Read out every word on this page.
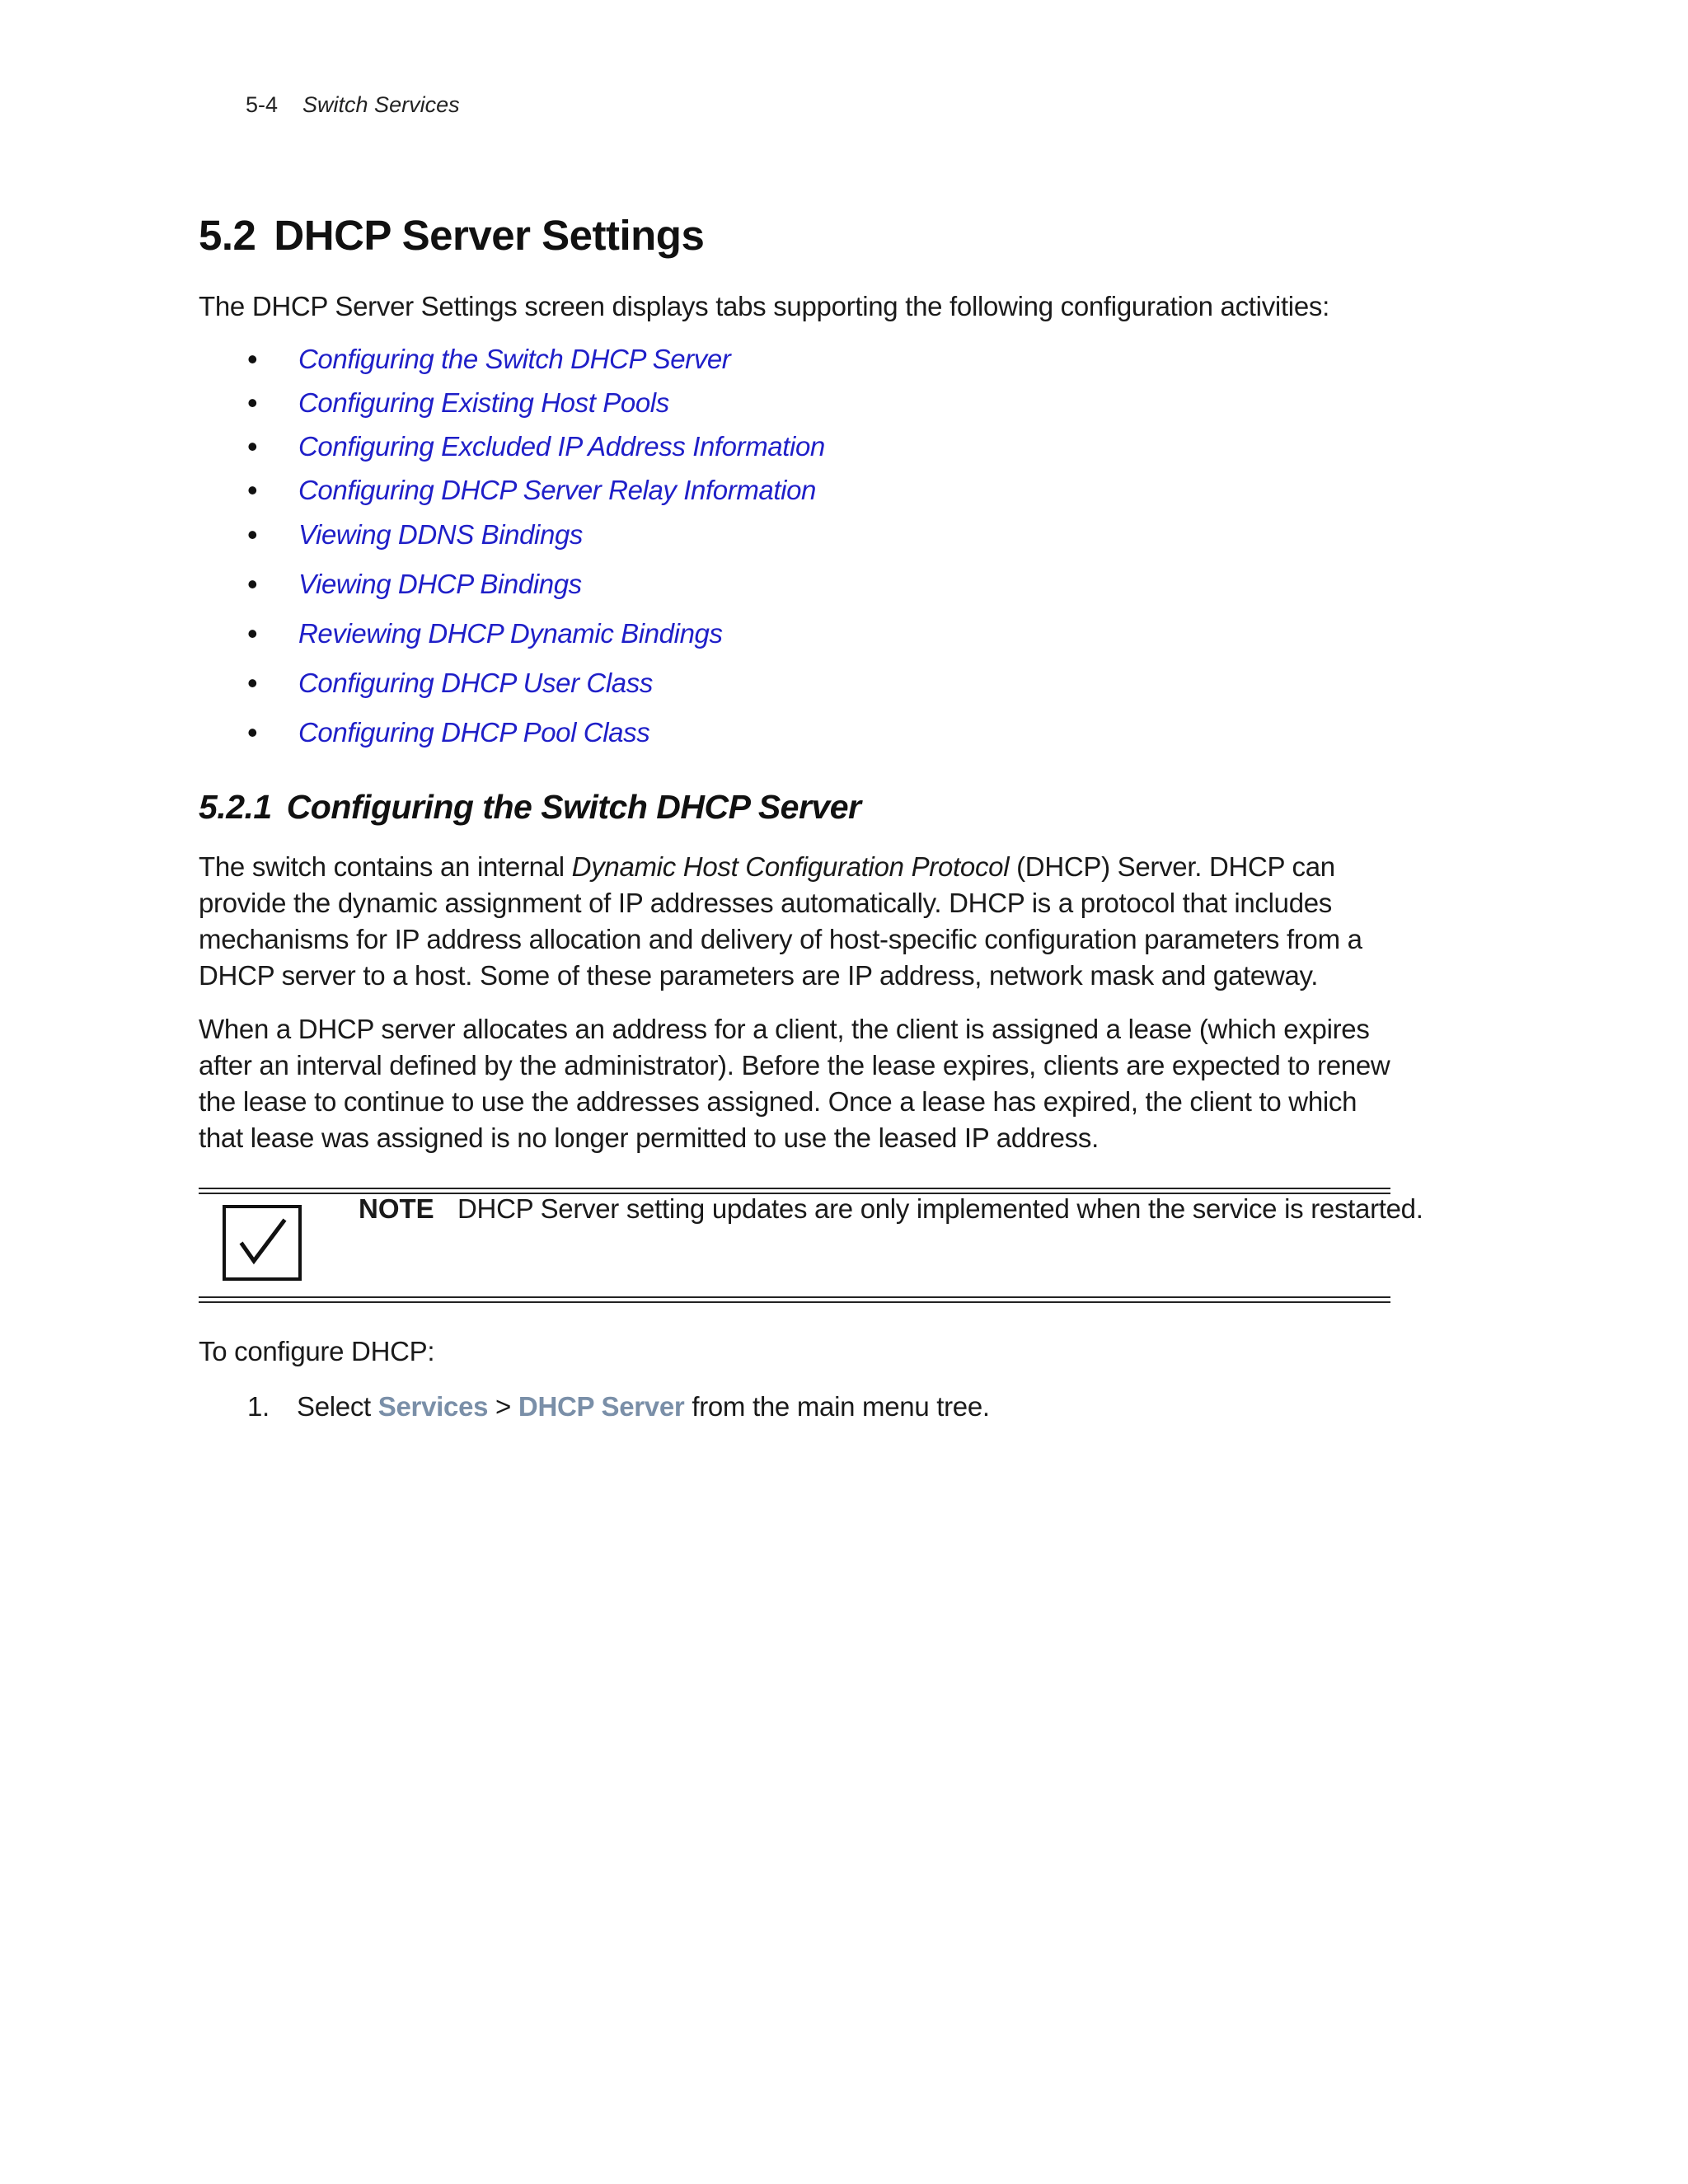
5-4 Switch Services
5.2 DHCP Server Settings
The DHCP Server Settings screen displays tabs supporting the following configuration activities:
•	Configuring the Switch DHCP Server
•	Configuring Existing Host Pools
•	Configuring Excluded IP Address Information
•	Configuring DHCP Server Relay Information
•	Viewing DDNS Bindings
•	Viewing DHCP Bindings
•	Reviewing DHCP Dynamic Bindings
•	Configuring DHCP User Class
•	Configuring DHCP Pool Class
5.2.1 Configuring the Switch DHCP Server
The switch contains an internal Dynamic Host Configuration Protocol (DHCP) Server. DHCP can provide the dynamic assignment of IP addresses automatically. DHCP is a protocol that includes mechanisms for IP address allocation and delivery of host-specific configuration parameters from a DHCP server to a host. Some of these parameters are IP address, network mask and gateway.
When a DHCP server allocates an address for a client, the client is assigned a lease (which expires after an interval defined by the administrator). Before the lease expires, clients are expected to renew the lease to continue to use the addresses assigned. Once a lease has expired, the client to which that lease was assigned is no longer permitted to use the leased IP address.
NOTE DHCP Server setting updates are only implemented when the service is restarted.
To configure DHCP:
1. Select Services > DHCP Server from the main menu tree.
